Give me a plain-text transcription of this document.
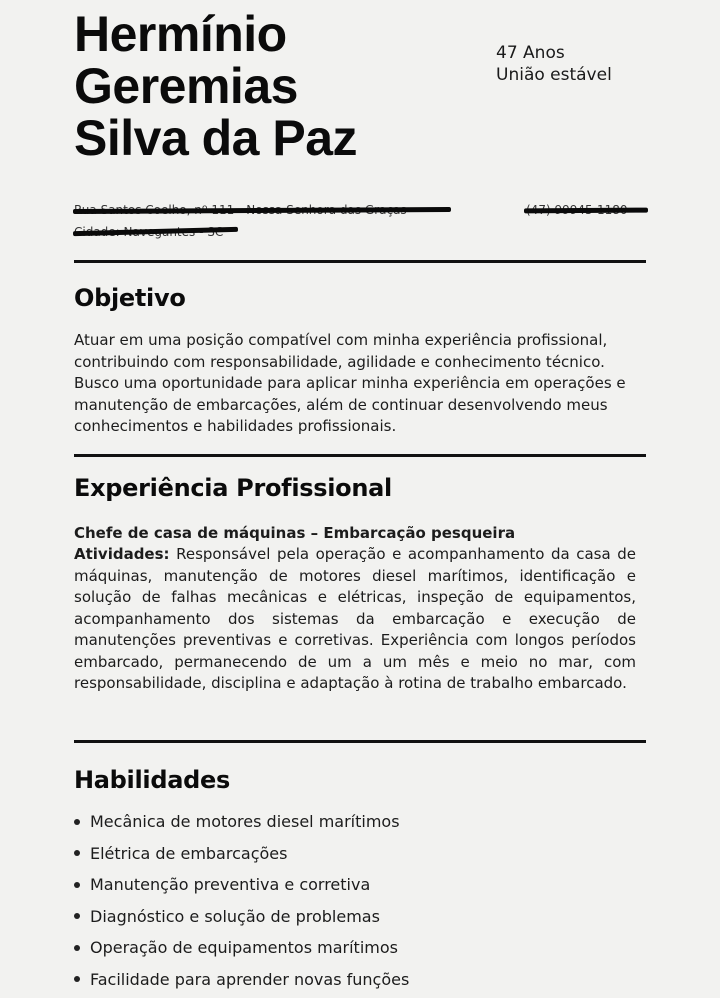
Hermínio
Geremias
Silva da Paz
47 Anos
União estável
Objetivo
Atuar em uma posição compatível com minha experiência profissional, contribuindo com responsabilidade, agilidade e conhecimento técnico. Busco uma oportunidade para aplicar minha experiência em operações e manutenção de embarcações, além de continuar desenvolvendo meus conhecimentos e habilidades profissionais.
Experiência Profissional
Chefe de casa de máquinas – Embarcação pesqueira
Atividades: Responsável pela operação e acompanhamento da casa de máquinas, manutenção de motores diesel marítimos, identificação e solução de falhas mecânicas e elétricas, inspeção de equipamentos, acompanhamento dos sistemas da embarcação e execução de manutenções preventivas e corretivas. Experiência com longos períodos embarcado, permanecendo de um a um mês e meio no mar, com responsabilidade, disciplina e adaptação à rotina de trabalho embarcado.
Habilidades
Mecânica de motores diesel marítimos
Elétrica de embarcações
Manutenção preventiva e corretiva
Diagnóstico e solução de problemas
Operação de equipamentos marítimos
Facilidade para aprender novas funções
